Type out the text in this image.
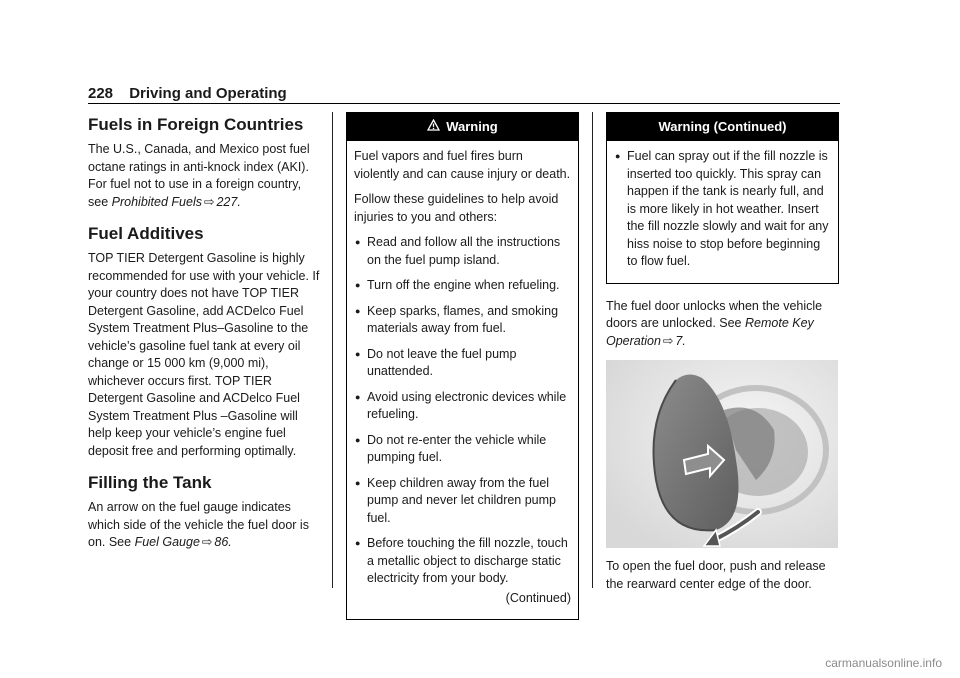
228 Driving and Operating
Fuels in Foreign Countries

The U.S., Canada, and Mexico post fuel octane ratings in anti-knock index (AKI). For fuel not to use in a foreign country, see Prohibited Fuels ⇨ 227.

Fuel Additives

TOP TIER Detergent Gasoline is highly recommended for use with your vehicle. If your country does not have TOP TIER Detergent Gasoline, add ACDelco Fuel System Treatment Plus–Gasoline to the vehicle’s gasoline fuel tank at every oil change or 15 000 km (9,000 mi), whichever occurs first. TOP TIER Detergent Gasoline and ACDelco Fuel System Treatment Plus –Gasoline will help keep your vehicle’s engine fuel deposit free and performing optimally.

Filling the Tank

An arrow on the fuel gauge indicates which side of the vehicle the fuel door is on. See Fuel Gauge ⇨ 86.

Warning

Fuel vapors and fuel fires burn violently and can cause injury or death.

Follow these guidelines to help avoid injuries to you and others:

● Read and follow all the instructions on the fuel pump island.
● Turn off the engine when refueling.
● Keep sparks, flames, and smoking materials away from fuel.
● Do not leave the fuel pump unattended.
● Avoid using electronic devices while refueling.
● Do not re-enter the vehicle while pumping fuel.
● Keep children away from the fuel pump and never let children pump fuel.
● Before touching the fill nozzle, touch a metallic object to discharge static electricity from your body.

(Continued)

Warning (Continued)
● Fuel can spray out if the fill nozzle is inserted too quickly. This spray can happen if the tank is nearly full, and is more likely in hot weather. Insert the fill nozzle slowly and wait for any hiss noise to stop before beginning to flow fuel.

The fuel door unlocks when the vehicle doors are unlocked. See Remote Key Operation ⇨ 7.

To open the fuel door, push and release the rearward center edge of the door.

carmanualsonline.info
